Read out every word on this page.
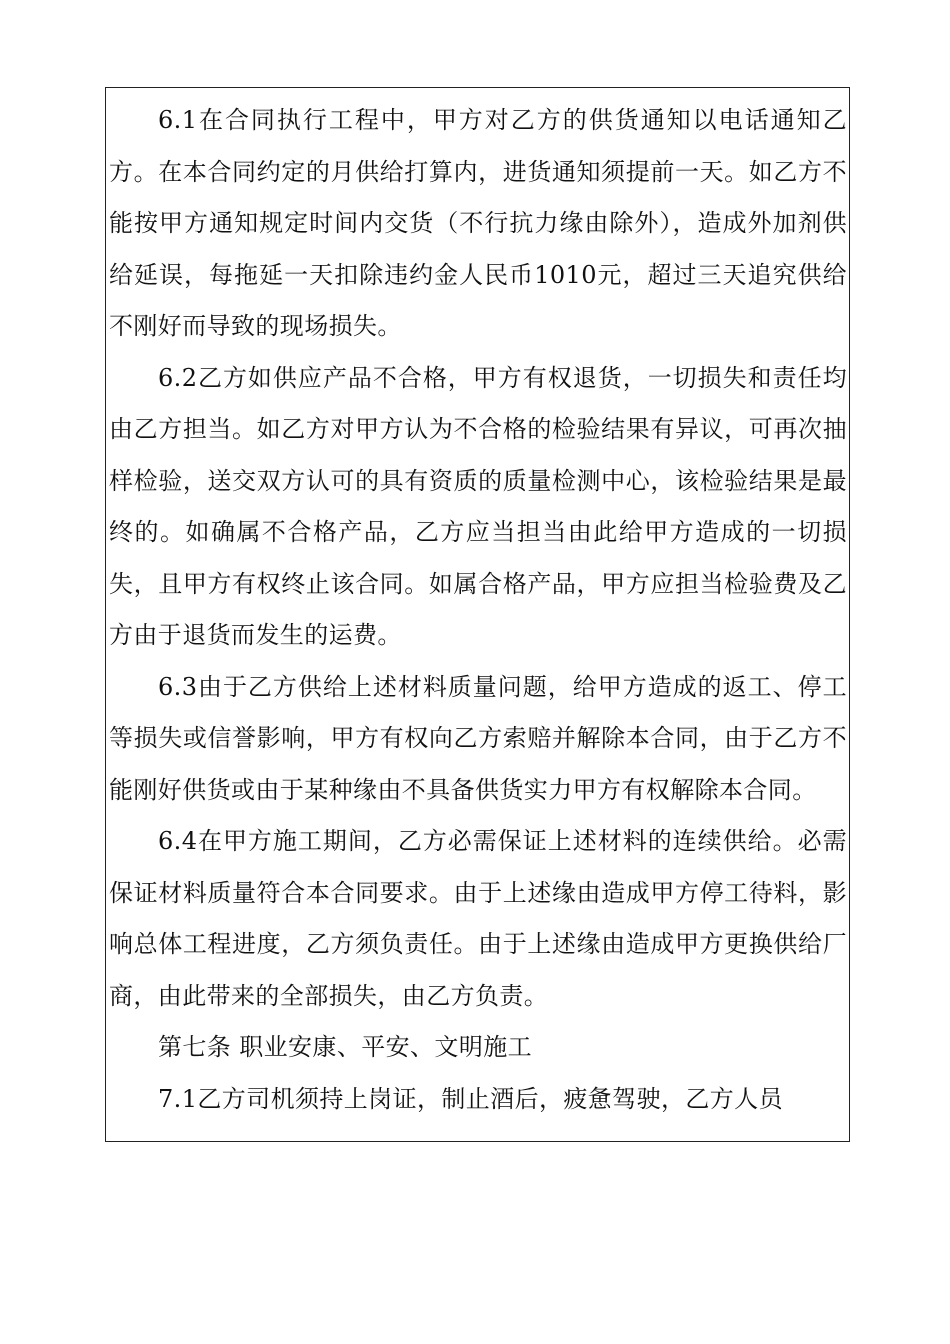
6.1在合同执行工程中，甲方对乙方的供货通知以电话通知乙方。在本合同约定的月供给打算内，进货通知须提前一天。如乙方不能按甲方通知规定时间内交货（不行抗力缘由除外），造成外加剂供给延误，每拖延一天扣除违约金人民币1010元，超过三天追究供给不刚好而导致的现场损失。

6.2乙方如供应产品不合格，甲方有权退货，一切损失和责任均由乙方担当。如乙方对甲方认为不合格的检验结果有异议，可再次抽样检验，送交双方认可的具有资质的质量检测中心，该检验结果是最终的。如确属不合格产品，乙方应当担当由此给甲方造成的一切损失，且甲方有权终止该合同。如属合格产品，甲方应担当检验费及乙方由于退货而发生的运费。

6.3由于乙方供给上述材料质量问题，给甲方造成的返工、停工等损失或信誉影响，甲方有权向乙方索赔并解除本合同，由于乙方不能刚好供货或由于某种缘由不具备供货实力甲方有权解除本合同。

6.4在甲方施工期间，乙方必需保证上述材料的连续供给。必需保证材料质量符合本合同要求。由于上述缘由造成甲方停工待料，影响总体工程进度，乙方须负责任。由于上述缘由造成甲方更换供给厂商，由此带来的全部损失，由乙方负责。

第七条 职业安康、平安、文明施工

7.1乙方司机须持上岗证，制止酒后，疲惫驾驶，乙方人员
